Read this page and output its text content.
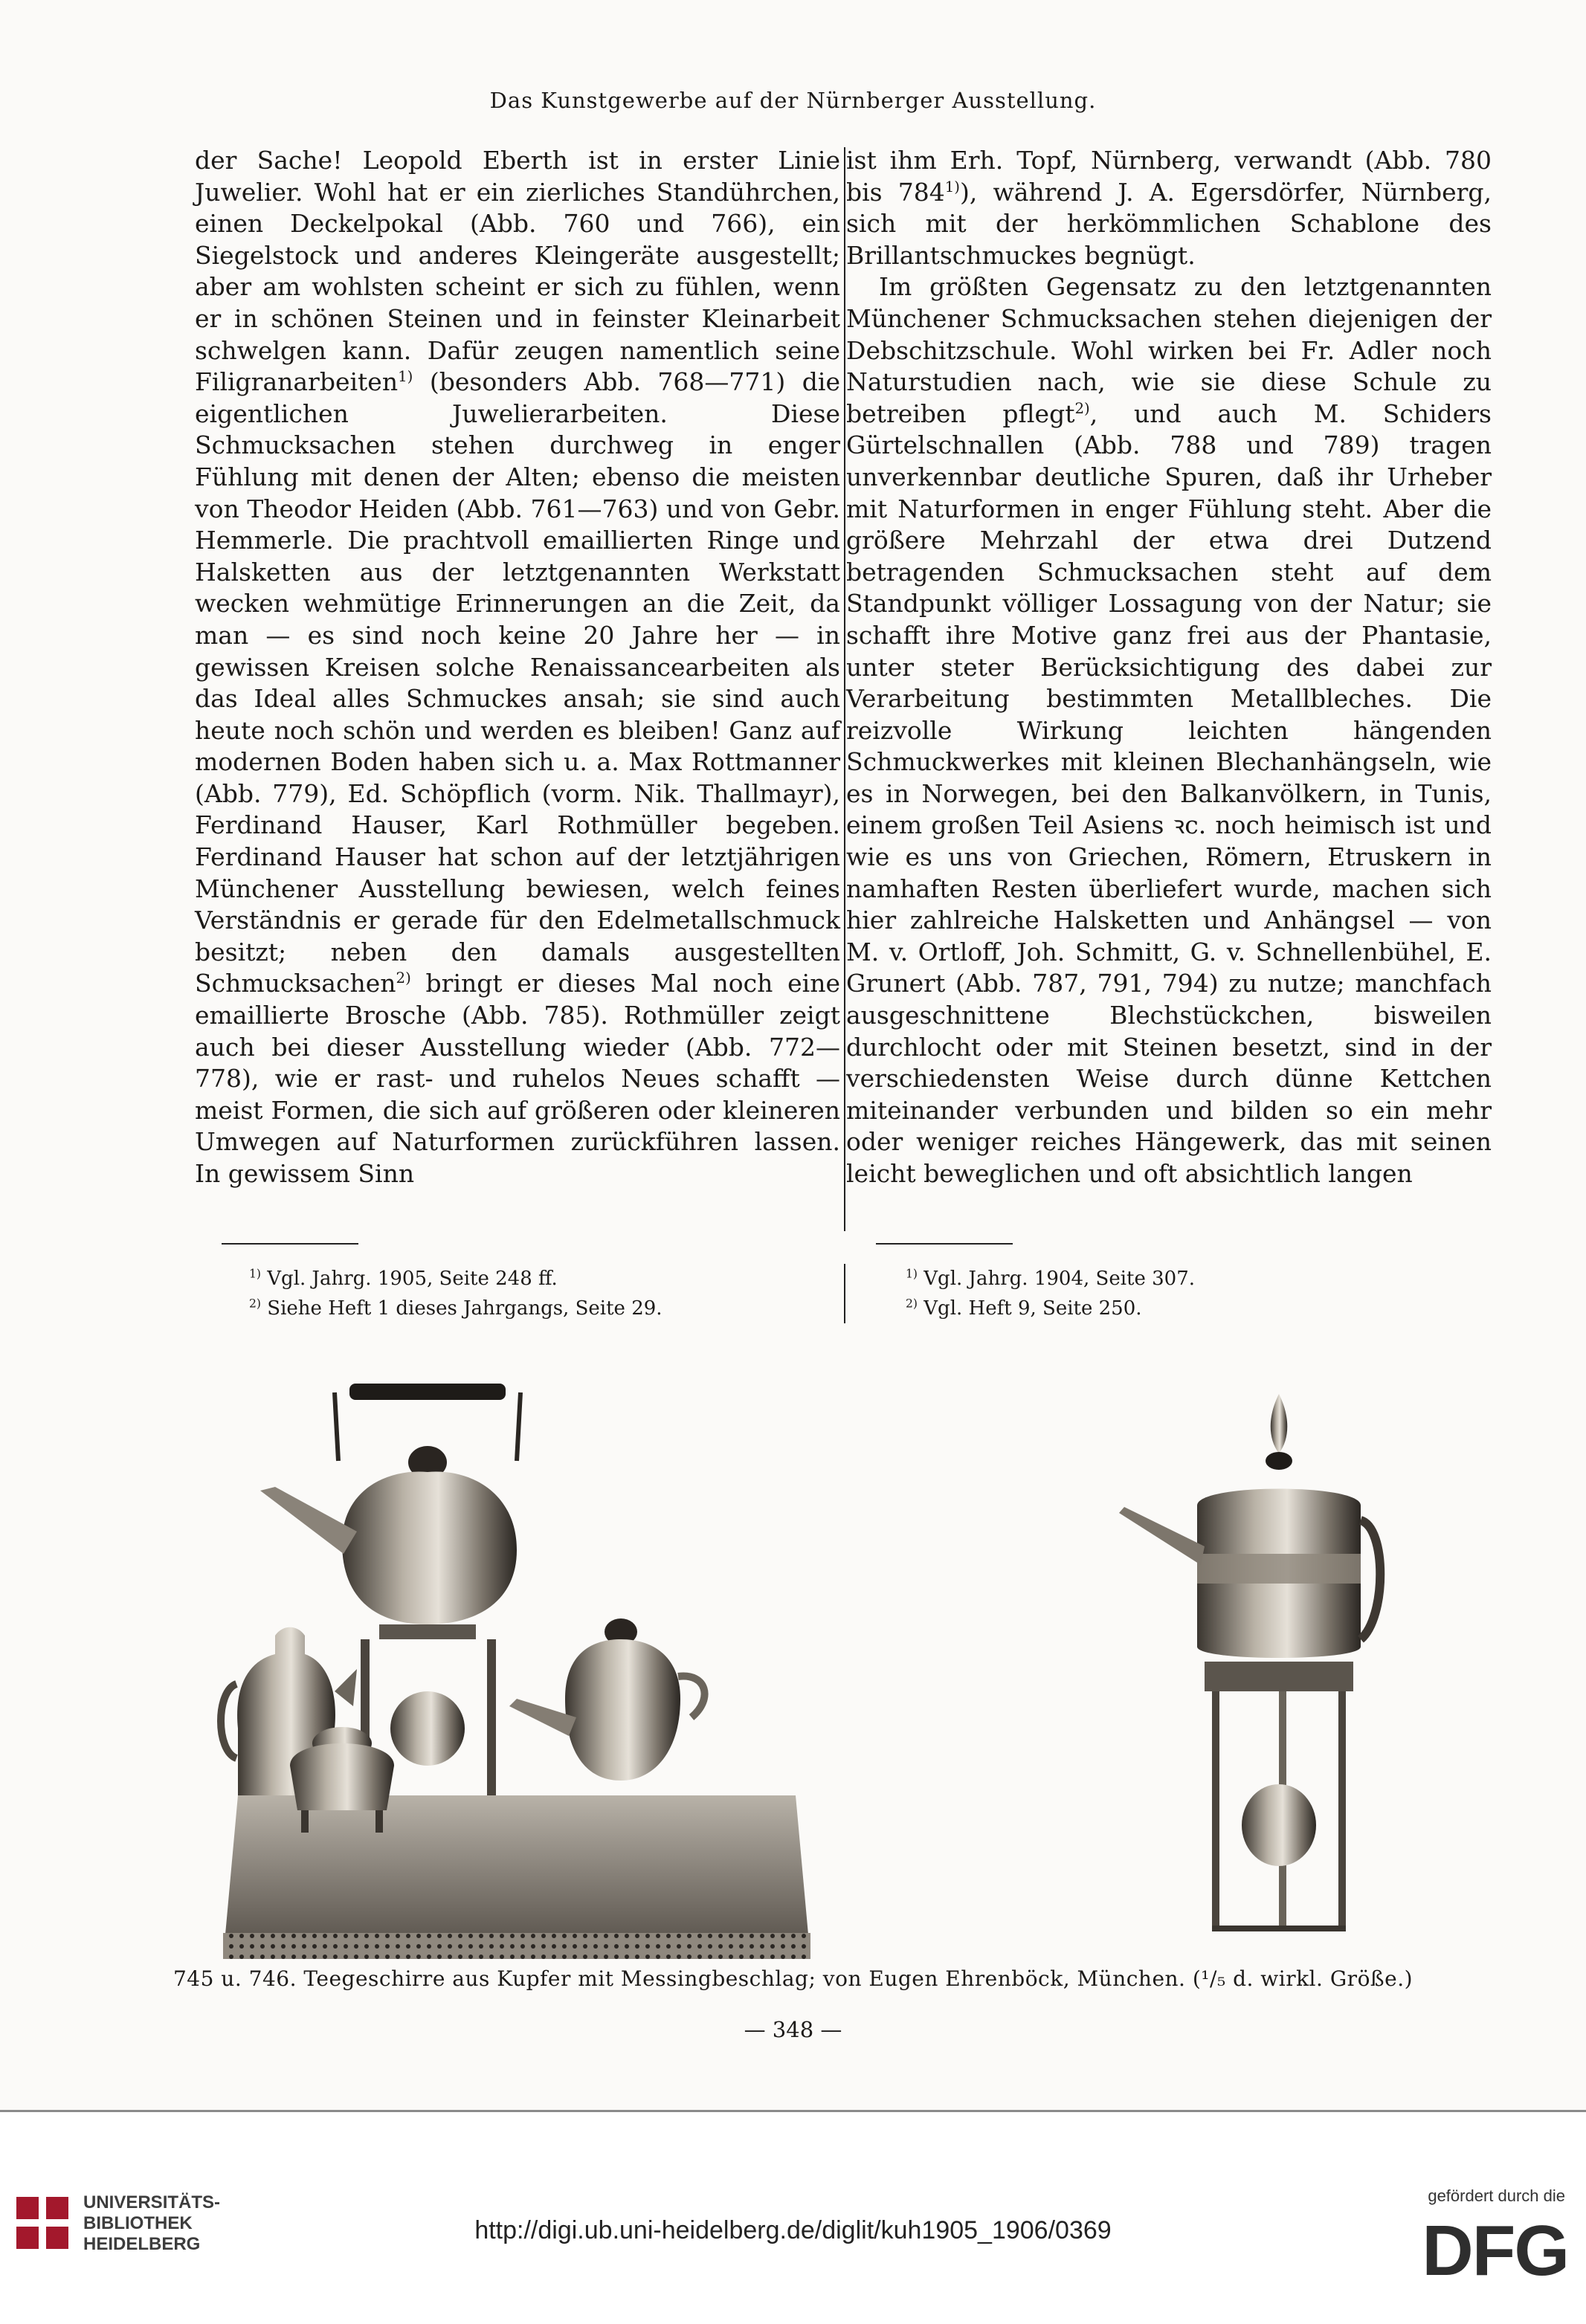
Das Kunstgewerbe auf der Nürnberger Ausstellung.

der Sache! Leopold Eberth ist in erster Linie Juwelier. Wohl hat er ein zierliches Standührchen, einen Deckelpokal (Abb. 760 und 766), ein Siegelstock und anderes Kleingeräte ausgestellt; aber am wohlsten scheint er sich zu fühlen, wenn er in schönen Steinen und in feinster Kleinarbeit schwelgen kann. Dafür zeugen namentlich seine Filigranarbeiten$^{1)}$ (besonders Abb. 768—771) die eigentlichen Juwelierarbeiten. Diese Schmucksachen stehen durchweg in enger Fühlung mit denen der Alten; ebenso die meisten von Theodor Heiden (Abb. 761—763) und von Gebr. Hemmerle. Die prachtvoll emaillierten Ringe und Halsketten aus der letztgenannten Werkstatt wecken wehmütige Erinnerungen an die Zeit, da man — es sind noch keine 20 Jahre her — in gewissen Kreisen solche Renaissancearbeiten als das Ideal alles Schmuckes ansah; sie sind auch heute noch schön und werden es bleiben! Ganz auf modernen Boden haben sich u. a. Max Rottmanner (Abb. 779), Ed. Schöpflich (vorm. Nik. Thallmayr), Ferdinand Hauser, Karl Rothmüller begeben. Ferdinand Hauser hat schon auf der letztjährigen Münchener Ausstellung bewiesen, welch feines Verständnis er gerade für den Edelmetallschmuck besitzt; neben den damals ausgestellten Schmucksachen$^{2)}$ bringt er dieses Mal noch eine emaillierte Brosche (Abb. 785). Rothmüller zeigt auch bei dieser Ausstellung wieder (Abb. 772—778), wie er rast- und ruhelos Neues schafft — meist Formen, die sich auf größeren oder kleineren Umwegen auf Naturformen zurückführen lassen. In gewissem Sinn

ist ihm Erh. Topf, Nürnberg, verwandt (Abb. 780 bis 784$^{1)}$), während J. A. Egersdörfer, Nürnberg, sich mit der herkömmlichen Schablone des Brillantschmuckes begnügt.

Im größten Gegensatz zu den letztgenannten Münchener Schmucksachen stehen diejenigen der Debschitzschule. Wohl wirken bei Fr. Adler noch Naturstudien nach, wie sie diese Schule zu betreiben pflegt$^{2)}$, und auch M. Schiders Gürtelschnallen (Abb. 788 und 789) tragen unverkennbar deutliche Spuren, daß ihr Urheber mit Naturformen in enger Fühlung steht. Aber die größere Mehrzahl der etwa drei Dutzend betragenden Schmucksachen steht auf dem Standpunkt völliger Lossagung von der Natur; sie schafft ihre Motive ganz frei aus der Phantasie, unter steter Berücksichtigung des dabei zur Verarbeitung bestimmten Metallbleches. Die reizvolle Wirkung leichten hängenden Schmuckwerkes mit kleinen Blechanhängseln, wie es in Norwegen, bei den Balkanvölkern, in Tunis, einem großen Teil Asiens ꝛc. noch heimisch ist und wie es uns von Griechen, Römern, Etruskern in namhaften Resten überliefert wurde, machen sich hier zahlreiche Halsketten und Anhängsel — von M. v. Ortloff, Joh. Schmitt, G. v. Schnellenbühel, E. Grunert (Abb. 787, 791, 794) zu nutze; manchfach ausgeschnittene Blechstückchen, bisweilen durchlocht oder mit Steinen besetzt, sind in der verschiedensten Weise durch dünne Kettchen miteinander verbunden und bilden so ein mehr oder weniger reiches Hängewerk, das mit seinen leicht beweglichen und oft absichtlich langen

$^{1)}$ Vgl. Jahrg. 1905, Seite 248 ff.
$^{2)}$ Siehe Heft 1 dieses Jahrgangs, Seite 29.
$^{1)}$ Vgl. Jahrg. 1904, Seite 307.
$^{2)}$ Vgl. Heft 9, Seite 250.
745 u. 746. Teegeschirre aus Kupfer mit Messingbeschlag; von Eugen Ehrenböck, München. (¹/₅ d. wirkl. Größe.)
— 348 —
UNIVERSITÄTS-
BIBLIOTHEK
HEIDELBERG	http://digi.ub.uni-heidelberg.de/diglit/kuh1905_1906/0369
gefördert durch die
DFG
